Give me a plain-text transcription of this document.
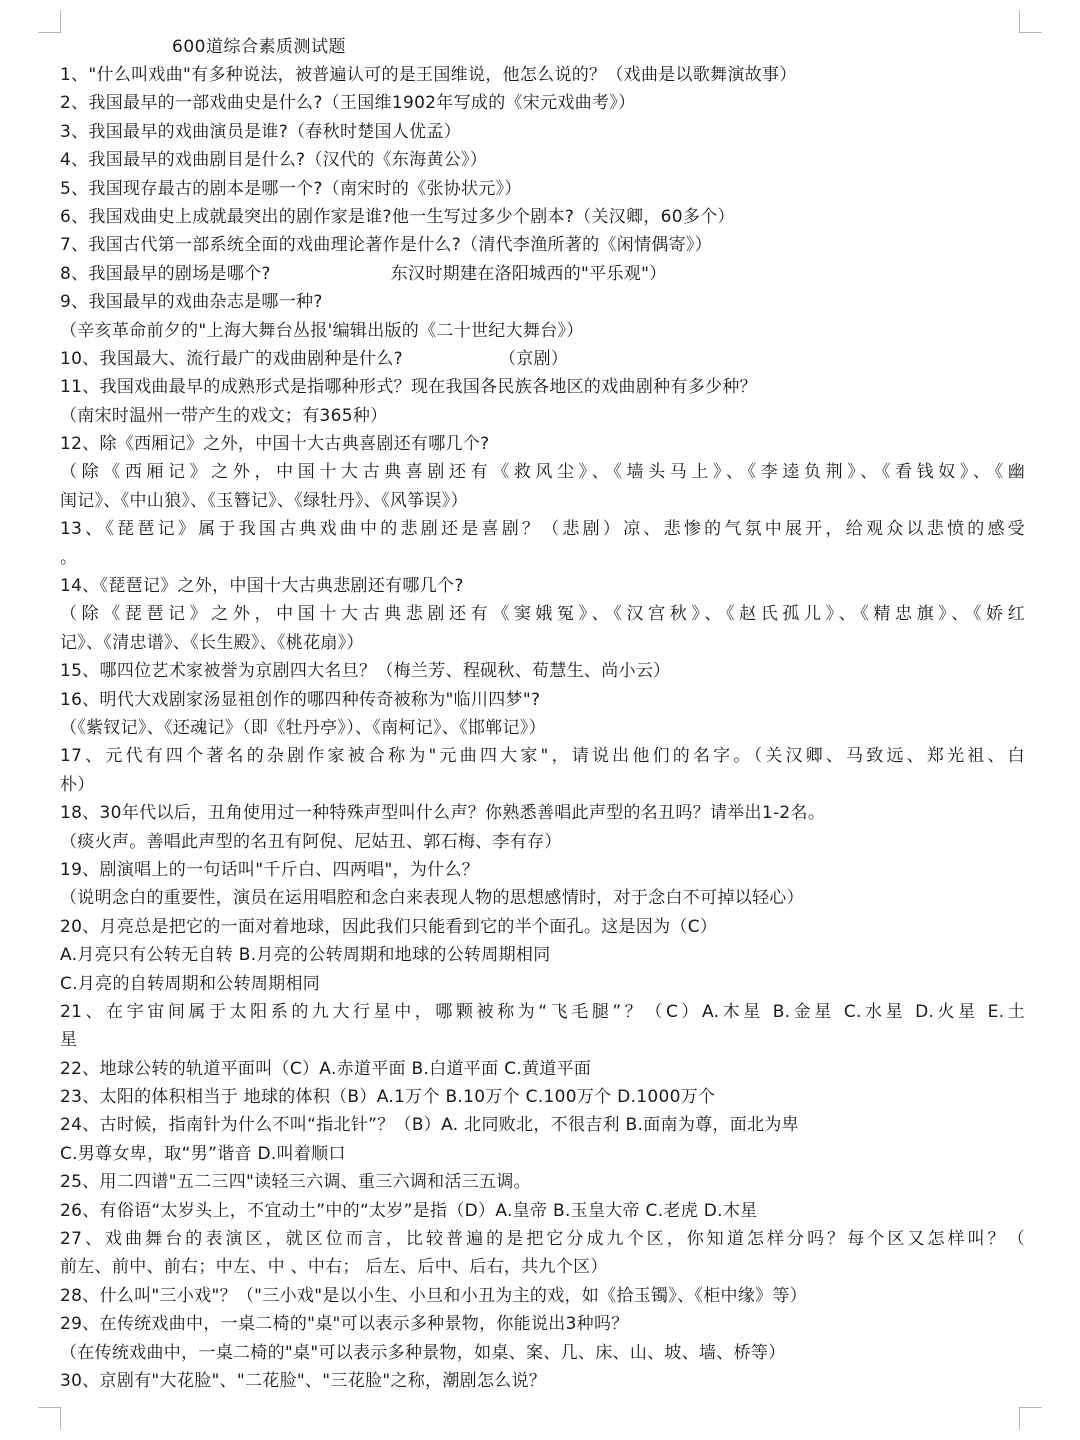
600道综合素质测试题
1、"什么叫戏曲"有多种说法，被普遍认可的是王国维说，他怎么说的？（戏曲是以歌舞演故事）
2、我国最早的一部戏曲史是什么?（王国维1902年写成的《宋元戏曲考》）
3、我国最早的戏曲演员是谁?（春秋时楚国人优孟）
4、我国最早的戏曲剧目是什么?（汉代的《东海黄公》）
5、我国现存最古的剧本是哪一个?（南宋时的《张协状元》）
6、我国戏曲史上成就最突出的剧作家是谁?他一生写过多少个剧本?（关汉卿，60多个）
7、我国古代第一部系统全面的戏曲理论著作是什么?（清代李渔所著的《闲情偶寄》）
8、我国最早的剧场是哪个?	东汉时期建在洛阳城西的"平乐观"）
9、我国最早的戏曲杂志是哪一种?
（辛亥革命前夕的"上海大舞台丛报'编辑出版的《二十世纪大舞台》）
10、我国最大、流行最广的戏曲剧种是什么?	（京剧）
11、我国戏曲最早的成熟形式是指哪种形式？现在我国各民族各地区的戏曲剧种有多少种？
（南宋时温州一带产生的戏文；有365种）
12、除《西厢记》之外，中国十大古典喜剧还有哪几个?
（除《西厢记》之外，中国十大古典喜剧还有《救风尘》、《墙头马上》、《李逵负荆》、《看钱奴》、《幽
闺记》、《中山狼》、《玉簪记》、《绿牡丹》、《风筝误》）
13、《琵琶记》属于我国古典戏曲中的悲剧还是喜剧？（悲剧）凉、悲惨的气氛中展开，给观众以悲愤的感受
。
14、《琵琶记》之外，中国十大古典悲剧还有哪几个?
（除《琵琶记》之外，中国十大古典悲剧还有《窦娥冤》、《汉宫秋》、《赵氏孤儿》、《精忠旗》、《娇红
记》、《清忠谱》、《长生殿》、《桃花扇》）
15、哪四位艺术家被誉为京剧四大名旦？（梅兰芳、程砚秋、荀慧生、尚小云）
16、明代大戏剧家汤显祖创作的哪四种传奇被称为"临川四梦"?
（《紫钗记》、《还魂记》（即《牡丹亭》）、《南柯记》、《邯郸记》）
17、元代有四个著名的杂剧作家被合称为"元曲四大家"，请说出他们的名字。（关汉卿、马致远、郑光祖、白
朴）
18、30年代以后，丑角使用过一种特殊声型叫什么声？你熟悉善唱此声型的名丑吗？请举出1-2名。
（痰火声。善唱此声型的名丑有阿倪、尼姑丑、郭石梅、李有存）
19、剧演唱上的一句话叫"千斤白、四两唱"，为什么？
（说明念白的重要性，演员在运用唱腔和念白来表现人物的思想感情时，对于念白不可掉以轻心）
20、月亮总是把它的一面对着地球，因此我们只能看到它的半个面孔。这是因为（C）
A.月亮只有公转无自转 B.月亮的公转周期和地球的公转周期相同
C.月亮的自转周期和公转周期相同
21、在宇宙间属于太阳系的九大行星中，哪颗被称为“飞毛腿”？（C）A.木星 B.金星 C.水星 D.火星 E.土
星
22、地球公转的轨道平面叫（C）A.赤道平面 B.白道平面 C.黄道平面
23、太阳的体积相当于 地球的体积（B）A.1万个 B.10万个 C.100万个 D.1000万个
24、古时候，指南针为什么不叫“指北针”？（B）A. 北同败北，不很吉利 B.面南为尊，面北为卑
C.男尊女卑，取“男”谐音 D.叫着顺口
25、用二四谱"五二三四"读轻三六调、重三六调和活三五调。
26、有俗语“太岁头上，不宜动土”中的“太岁”是指（D）A.皇帝 B.玉皇大帝 C.老虎 D.木星
27、戏曲舞台的表演区，就区位而言，比较普遍的是把它分成九个区，你知道怎样分吗？每个区又怎样叫？（
前左、前中、前右；中左、中 、中右； 后左、后中、后右，共九个区）
28、什么叫"三小戏"？（"三小戏"是以小生、小旦和小丑为主的戏，如《拾玉镯》、《柜中缘》等）
29、在传统戏曲中，一桌二椅的"桌"可以表示多种景物，你能说出3种吗？
（在传统戏曲中，一桌二椅的"桌"可以表示多种景物，如桌、案、几、床、山、坡、墙、桥等）
30、京剧有"大花脸"、"二花脸"、"三花脸"之称，潮剧怎么说？
